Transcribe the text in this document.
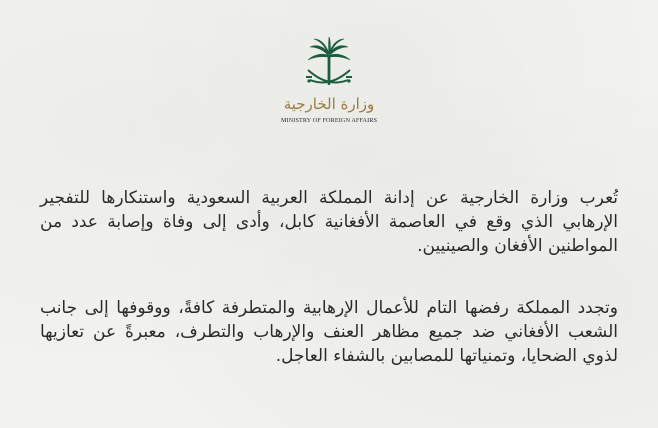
وزارة الخارجية
MINISTRY OF FOREIGN AFFAIRS

تُعرب وزارة الخارجية عن إدانة المملكة العربية السعودية واستنكارها للتفجير الإرهابي الذي وقع في العاصمة الأفغانية كابل، وأدى إلى وفاة وإصابة عدد من المواطنين الأفغان والصينيين.

وتجدد المملكة رفضها التام للأعمال الإرهابية والمتطرفة كافةً، ووقوفها إلى جانب الشعب الأفغاني ضد جميع مظاهر العنف والإرهاب والتطرف، معبرةً عن تعازيها لذوي الضحايا، وتمنياتها للمصابين بالشفاء العاجل.
